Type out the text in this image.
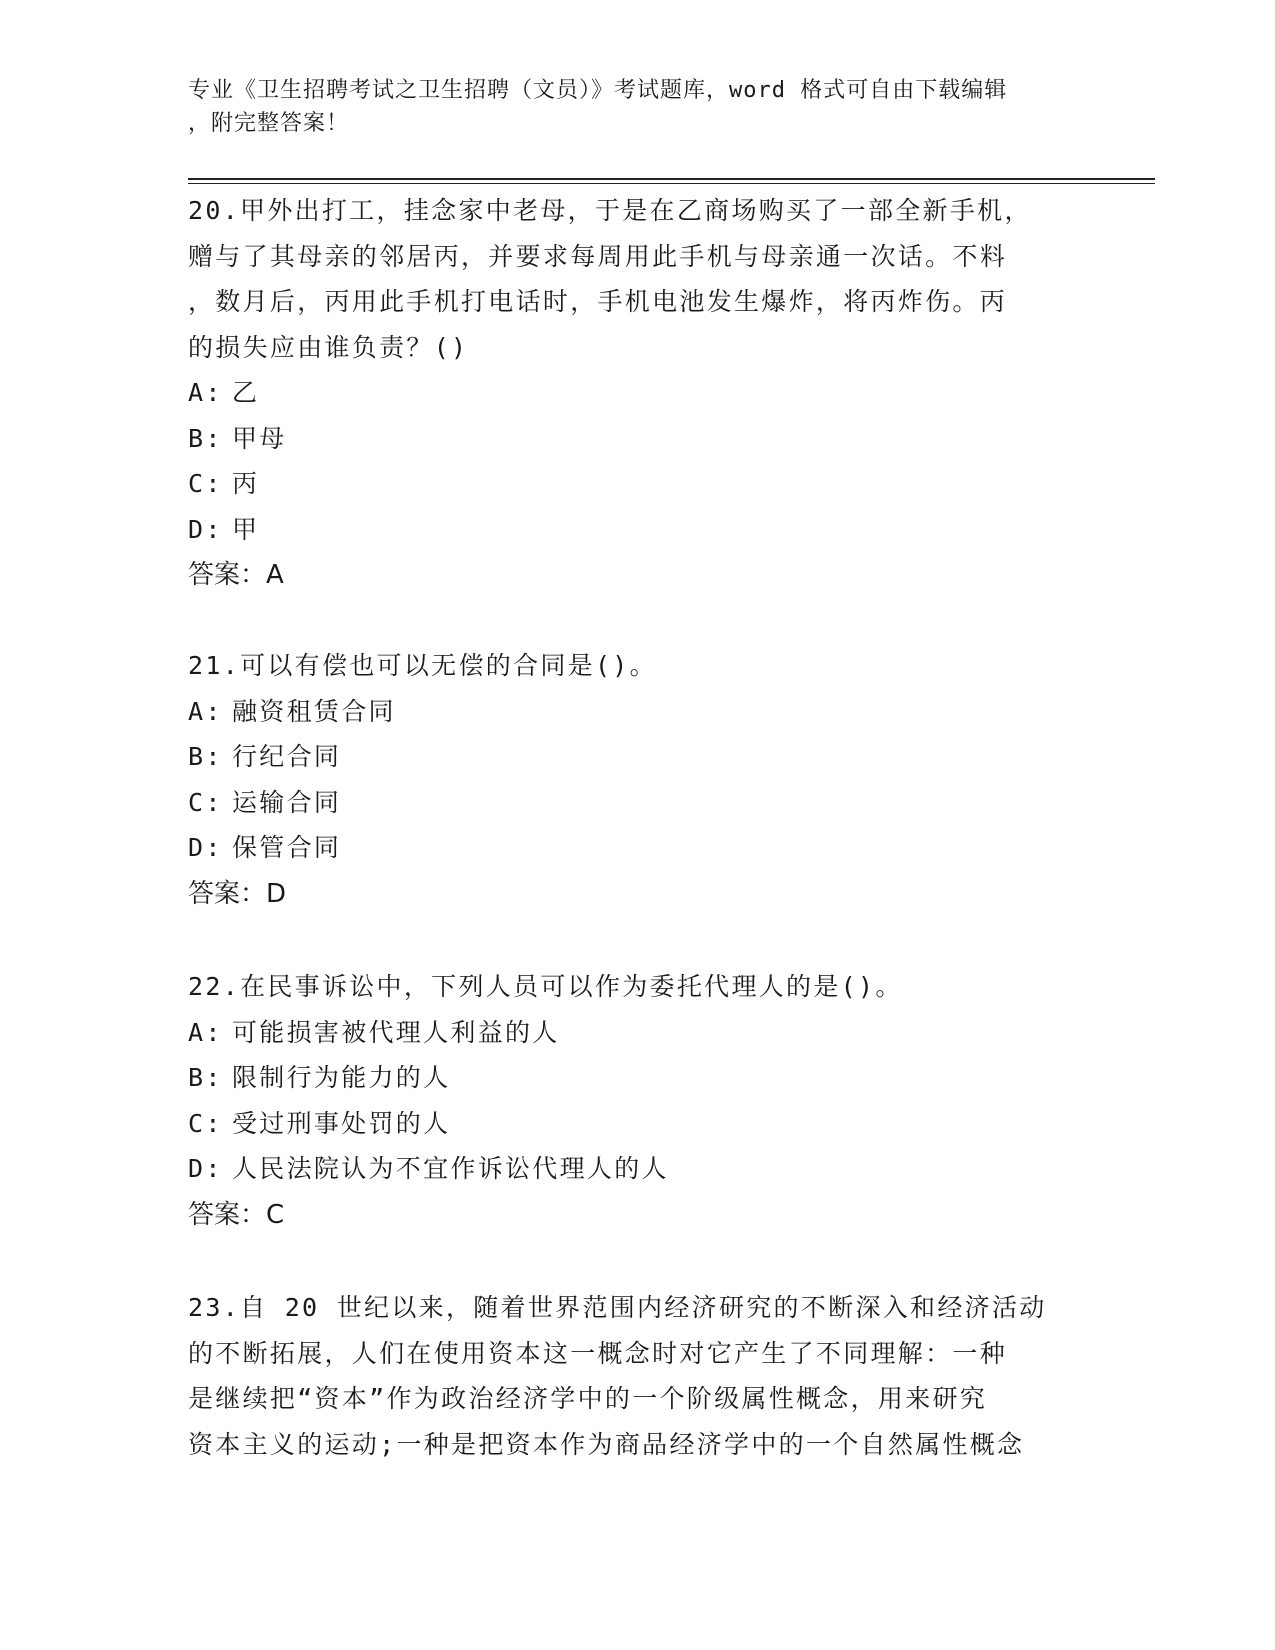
专业《卫生招聘考试之卫生招聘（文员）》考试题库，word 格式可自由下载编辑
，附完整答案！

20.甲外出打工，挂念家中老母，于是在乙商场购买了一部全新手机，

赠与了其母亲的邻居丙，并要求每周用此手机与母亲通一次话。不料

，数月后，丙用此手机打电话时，手机电池发生爆炸，将丙炸伤。丙

的损失应由谁负责？()

A: 乙

B: 甲母

C: 丙

D: 甲

答案：A

21.可以有偿也可以无偿的合同是()。

A: 融资租赁合同

B: 行纪合同

C: 运输合同

D: 保管合同

答案：D

22.在民事诉讼中，下列人员可以作为委托代理人的是()。

A: 可能损害被代理人利益的人

B: 限制行为能力的人

C: 受过刑事处罚的人

D: 人民法院认为不宜作诉讼代理人的人

答案：C

23.自 20 世纪以来，随着世界范围内经济研究的不断深入和经济活动

的不断拓展，人们在使用资本这一概念时对它产生了不同理解：一种

是继续把“资本”作为政治经济学中的一个阶级属性概念，用来研究

资本主义的运动;一种是把资本作为商品经济学中的一个自然属性概念
